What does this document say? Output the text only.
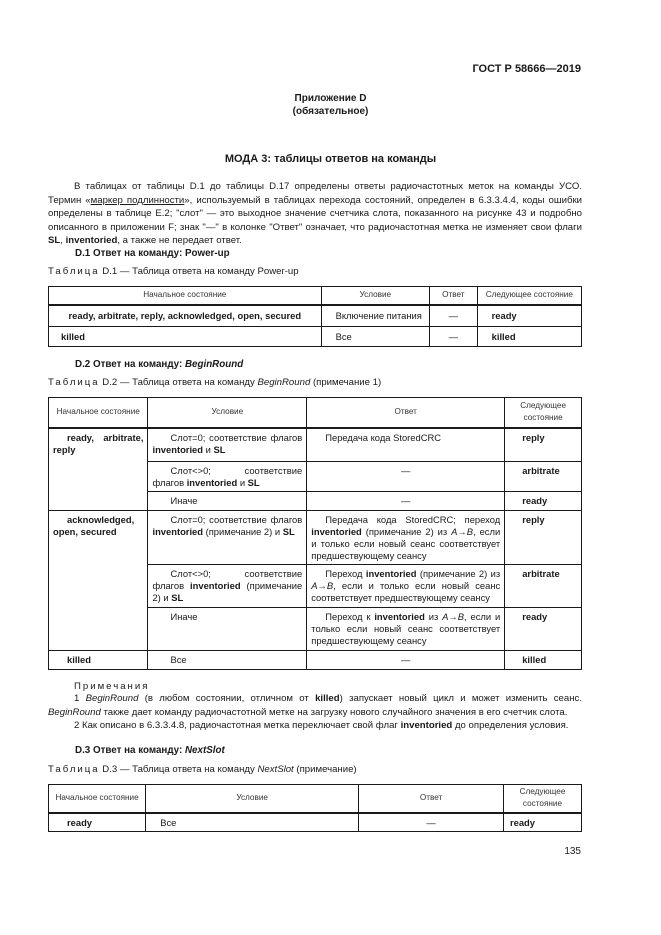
ГОСТ Р 58666—2019
Приложение D
(обязательное)
МОДА 3: таблицы ответов на команды
В таблицах от таблицы D.1 до таблицы D.17 определены ответы радиочастотных меток на команды УСО. Термин «маркер подлинности», используемый в таблицах перехода состояний, определен в 6.3.3.4.4, коды ошибки определены в таблице E.2; "слот" — это выходное значение счетчика слота, показанного на рисунке 43 и подробно описанного в приложении F; знак "—" в колонке "Ответ" означает, что радиочастотная метка не изменяет свои флаги SL, inventoried, а также не передает ответ.
D.1 Ответ на команду: Power-up
Таблица D.1 — Таблица ответа на команду Power-up
Начальное состояние	Условие	Ответ	Следующее состояние
ready, arbitrate, reply, acknowledged, open, secured	Включение питания	—	ready
killed	Все	—	killed
D.2 Ответ на команду: BeginRound
Таблица D.2 — Таблица ответа на команду BeginRound (примечание 1)
Начальное состояние	Условие	Ответ	Следующее состояние
ready, arbitrate, reply	Слот=0; соответствие флагов inventoried и SL	Передача кода StoredCRC	reply
	Слот<>0; соответствие флагов inventoried и SL	—	arbitrate
	Иначе	—	ready
acknowledged, open, secured	Слот=0; соответствие флагов inventoried (примечание 2) и SL	Передача кода StoredCRC; переход inventoried (примечание 2) из A→B, если и только если новый сеанс соответствует предшествующему сеансу	reply
	Слот<>0; соответствие флагов inventoried (примечание 2) и SL	Переход inventoried (примечание 2) из A→B, если и только если новый сеанс соответствует предшествующему сеансу	arbitrate
	Иначе	Переход к inventoried из A→B, если и только если новый сеанс соответствует предшествующему сеансу	ready
killed	Все	—	killed
Примечания
1 BeginRound (в любом состоянии, отличном от killed) запускает новый цикл и может изменить сеанс. BeginRound также дает команду радиочастотной метке на загрузку нового случайного значения в его счетчик слота.
2 Как описано в 6.3.3.4.8, радиочастотная метка переключает свой флаг inventoried до определения условия.
D.3 Ответ на команду: NextSlot
Таблица D.3 — Таблица ответа на команду NextSlot (примечание)
Начальное состояние	Условие	Ответ	Следующее состояние
ready	Все	—	ready
135
